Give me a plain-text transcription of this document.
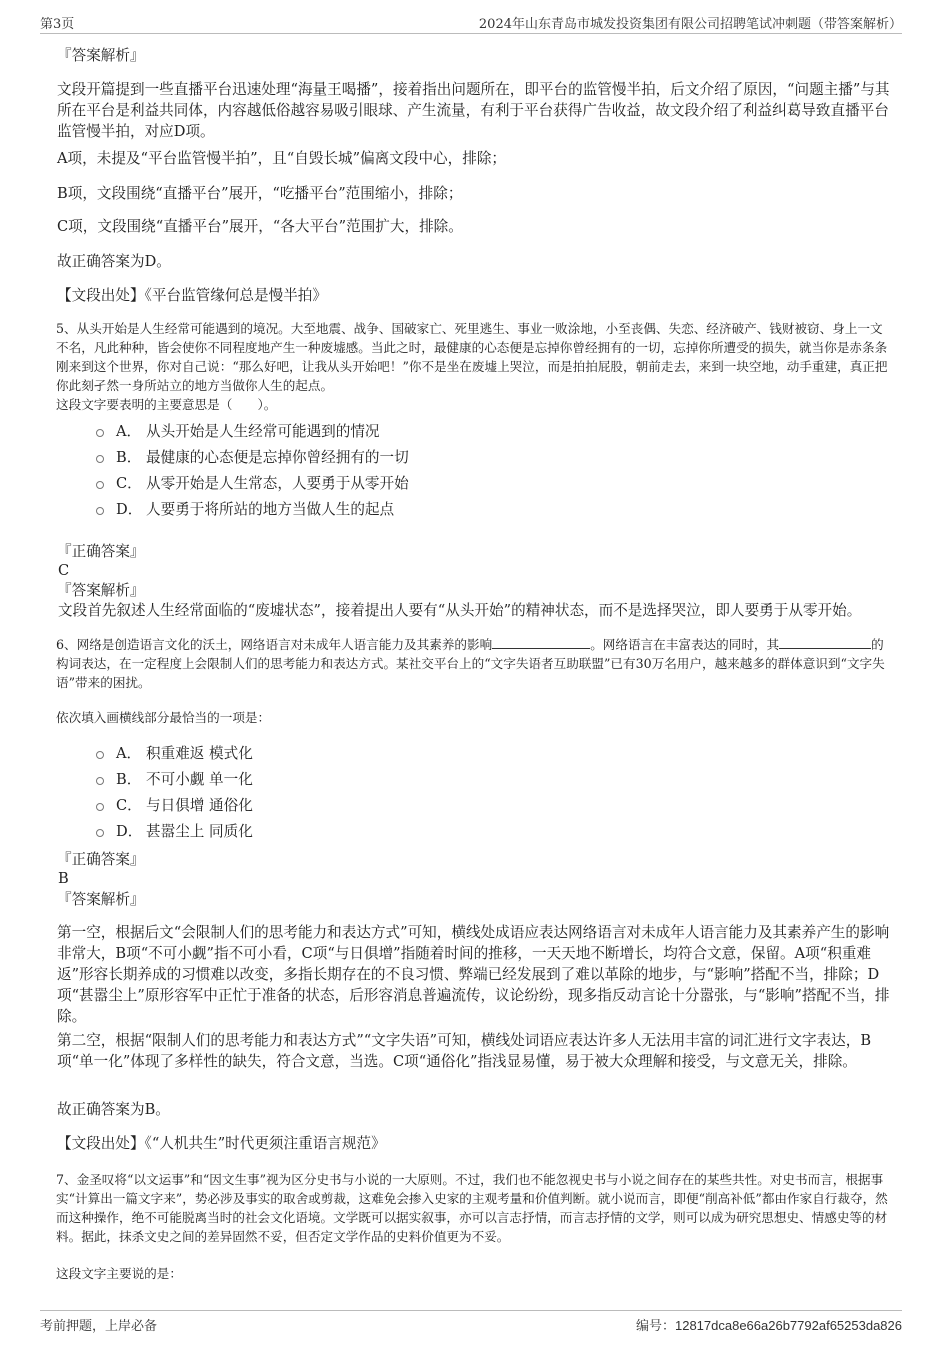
第3页	2024年山东青岛市城发投资集团有限公司招聘笔试冲刺题（带答案解析）
『答案解析』
文段开篇提到一些直播平台迅速处理“海量王喝播”，接着指出问题所在，即平台的监管慢半拍，后文介绍了原因，“问题主播”与其所在平台是利益共同体，内容越低俗越容易吸引眼球、产生流量，有利于平台获得广告收益，故文段介绍了利益纠葛导致直播平台监管慢半拍，对应D项。
A项，未提及“平台监管慢半拍”，且“自毁长城”偏离文段中心，排除；
B项，文段围绕“直播平台”展开，“吃播平台”范围缩小，排除；
C项，文段围绕“直播平台”展开，“各大平台”范围扩大，排除。
故正确答案为D。
【文段出处】《平台监管缘何总是慢半拍》
5、从头开始是人生经常可能遇到的境况。大至地震、战争、国破家亡、死里逃生、事业一败涂地，小至丧偶、失恋、经济破产、钱财被窃、身上一文不名，凡此种种，皆会使你不同程度地产生一种废墟感。当此之时，最健康的心态便是忘掉你曾经拥有的一切，忘掉你所遭受的损失，就当你是赤条条刚来到这个世界，你对自己说：“那么好吧，让我从头开始吧！”你不是坐在废墟上哭泣，而是拍拍屁股，朝前走去，来到一块空地，动手重建，真正把你此刻孑然一身所站立的地方当做你人生的起点。
这段文字要表明的主要意思是（　　）。
A． 从头开始是人生经常可能遇到的情况
B． 最健康的心态便是忘掉你曾经拥有的一切
C． 从零开始是人生常态，人要勇于从零开始
D． 人要勇于将所站的地方当做人生的起点
『正确答案』
C
『答案解析』
文段首先叙述人生经常面临的“废墟状态”，接着提出人要有“从头开始”的精神状态，而不是选择哭泣，即人要勇于从零开始。
6、网络是创造语言文化的沃土，网络语言对未成年人语言能力及其素养的影响	。网络语言在丰富表达的同时，其	的构词表达，在一定程度上会限制人们的思考能力和表达方式。某社交平台上的“文字失语者互助联盟”已有30万名用户，越来越多的群体意识到“文字失语”带来的困扰。
依次填入画横线部分最恰当的一项是：
A． 积重难返 模式化
B． 不可小觑 单一化
C． 与日俱增 通俗化
D． 甚嚣尘上 同质化
『正确答案』
B
『答案解析』
第一空，根据后文“会限制人们的思考能力和表达方式”可知，横线处成语应表达网络语言对未成年人语言能力及其素养产生的影响非常大，B项“不可小觑”指不可小看，C项“与日俱增”指随着时间的推移，一天天地不断增长，均符合文意，保留。A项“积重难返”形容长期养成的习惯难以改变，多指长期存在的不良习惯、弊端已经发展到了难以革除的地步，与“影响”搭配不当，排除；D项“甚嚣尘上”原形容军中正忙于准备的状态，后形容消息普遍流传，议论纷纷，现多指反动言论十分嚣张，与“影响”搭配不当，排除。
第二空，根据“限制人们的思考能力和表达方式”“文字失语”可知，横线处词语应表达许多人无法用丰富的词汇进行文字表达，B项“单一化”体现了多样性的缺失，符合文意，当选。C项“通俗化”指浅显易懂，易于被大众理解和接受，与文意无关，排除。
故正确答案为B。
【文段出处】《“人机共生”时代更须注重语言规范》
7、金圣叹将“以文运事”和“因文生事”视为区分史书与小说的一大原则。不过，我们也不能忽视史书与小说之间存在的某些共性。对史书而言，根据事实“计算出一篇文字来”，势必涉及事实的取舍或剪裁，这难免会掺入史家的主观考量和价值判断。就小说而言，即便“削高补低”都由作家自行裁夺，然而这种操作，绝不可能脱离当时的社会文化语境。文学既可以据实叙事，亦可以言志抒情，而言志抒情的文学，则可以成为研究思想史、情感史等的材料。据此，抹杀文史之间的差异固然不妥，但否定文学作品的史料价值更为不妥。
这段文字主要说的是：
考前押题，上岸必备	编号：12817dca8e66a26b7792af65253da826
